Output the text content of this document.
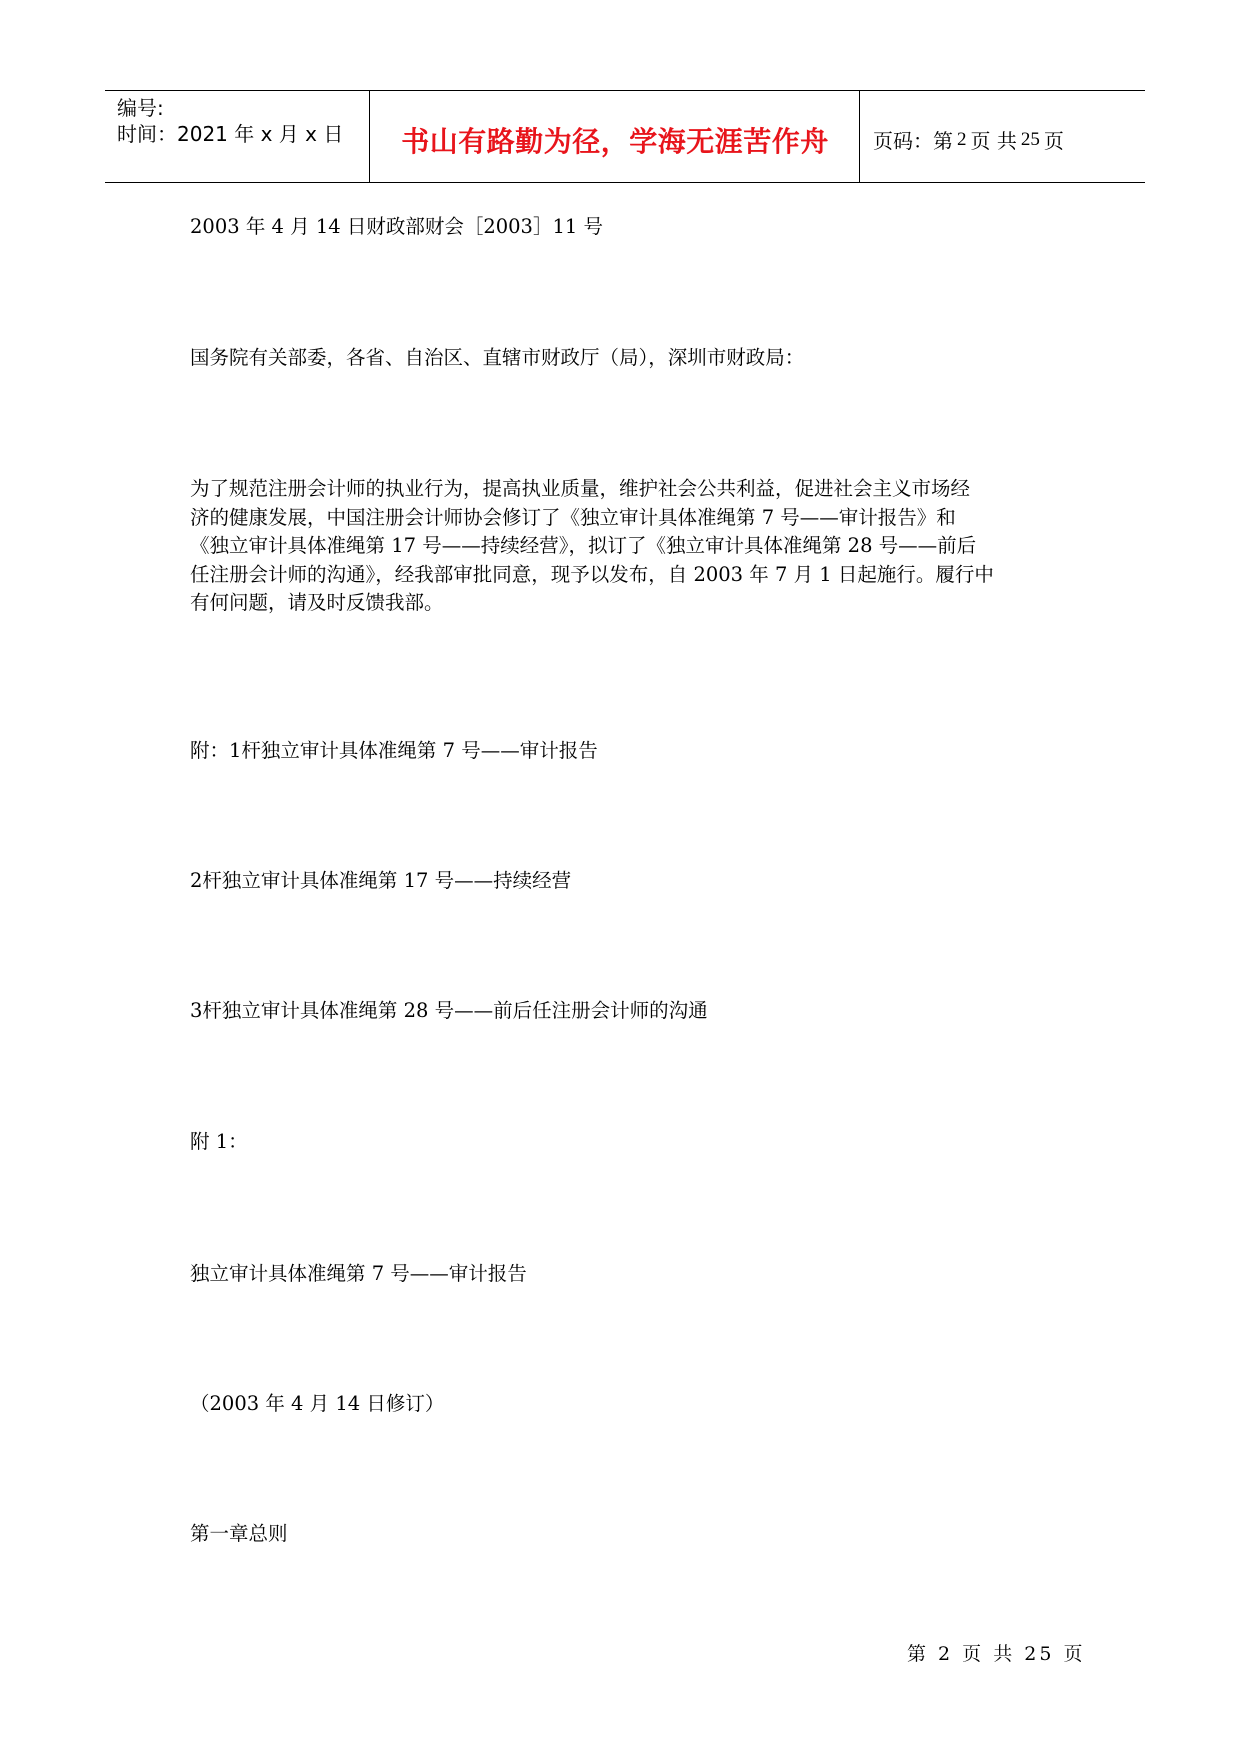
编号:
时间：2021 年 x 月 x 日	书山有路勤为径，学海无涯苦作舟	页码：第 2 页 共 25 页
2003 年 4 月 14 日财政部财会［2003］11 号
国务院有关部委，各省、自治区、直辖市财政厅（局），深圳市财政局：
为了规范注册会计师的执业行为，提高执业质量，维护社会公共利益，促进社会主义市场经
济的健康发展，中国注册会计师协会修订了《独立审计具体准绳第 7 号——审计报告》和
《独立审计具体准绳第 17 号——持续经营》，拟订了《独立审计具体准绳第 28 号——前后
任注册会计师的沟通》，经我部审批同意，现予以发布，自 2003 年 7 月 1 日起施行。履行中
有何问题，请及时反馈我部。
附：1杆独立审计具体准绳第 7 号——审计报告
2杆独立审计具体准绳第 17 号——持续经营
3杆独立审计具体准绳第 28 号——前后任注册会计师的沟通
附 1：
独立审计具体准绳第 7 号——审计报告
（2003 年 4 月 14 日修订）
第一章总则
第 2 页 共 25 页
